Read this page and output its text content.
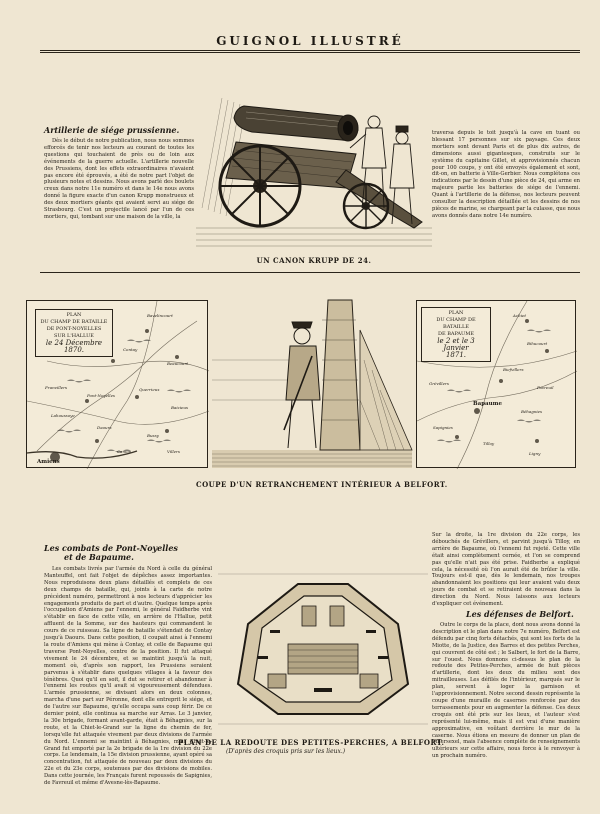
GUIGNOL ILLUSTRÉ
Artillerie de siége prussienne.

Dès le début de notre publication, nous nous sommes efforcés de tenir nos lecteurs au courant de toutes les questions qui touchaient de près ou de loin aux événements de la guerre actuelle. L'artillerie nouvelle des Prussiens, dont les effets extraordinaires n'avaient pas encore été éprouvés, a été de notre part l'objet de plusieurs notes et dessins. Nous avons parlé des boulets creux dans notre 11e numéro et dans le 14e nous avons donné la figure exacte d'un canon Krupp monstrueux et des deux mortiers géants qui avaient servi au siége de Strasbourg. C'est un projectile lancé par l'un de ces mortiers, qui, tombant sur une maison de la ville, la

traversa depuis le toit jusqu'à la cave en tuant ou blessant 17 personnes sur six paysage. Ces deux mortiers sont devant Paris et de plus dix autres, de dimensions aussi gigantesques, construits sur le système du capitaine Gillet, et approvisionnés chacun pour 100 coups, y ont été envoyés également et sont, dit-on, en batterie à Ville-Gerbier. Nous complétons ces indications par le dessin d'une pièce de 24, qui arme en majeure partie les batteries de siége de l'ennemi. Quant à l'artillerie de la défense, nos lecteurs peuvent consulter la description détaillée et les dessins de nos pièces de marine, se chargeant par la culasse, que nous avons donnés dans notre 14e numéro.

UN CANON KRUPP DE 24.
PLAN
DU CHAMP DE BATAILLE
DE PONT-NOYELLES
SUR L'HALLUE
le 24 Décembre 1870.
Bavelincourt
Contay
Beaucourt
Franvillers	Querrieux
Pont-Noyelles
Baizieux
Lahoussoye
Daours
Bussy
Villers
Camon
Amiens
COUPE D'UN RETRANCHEMENT INTÉRIEUR A BELFORT.
PLAN
DU CHAMP DE BATAILLE
DE BAPAUME
le 2 et le 3 Janvier
1871.
Achiet
Bihucourt
Biefvillers
Favreuil
Bapaume
Grévillers
Béhagnies
Sapignies
Tilloy
Ligny
Les combats de Pont-Noyelles
et de Bapaume.

Les combats livrés par l'armée du Nord à celle du général Manteuffel, ont fait l'objet de dépêches assez importantes. Nous reproduisons deux plans détaillés et complets de ces deux champs de bataille, qui, joints à la carte de notre précédent numéro, permettront à nos lecteurs d'apprécier les engagements produits de part et d'autre. Quelque temps après l'occupation d'Amiens par l'ennemi, le général Faidherbe vint s'établir en face de cette ville, en arrière de l'Hallue, petit affluent de la Somme, sur des hauteurs qui commandent le cours de ce ruisseau. Sa ligne de bataille s'étendait de Contay jusqu'à Daours. Dans cette position, il coupait ainsi à l'ennemi la route d'Amiens qui mène à Contay, et celle de Bapaume qui traverse Pont-Noyelles, centre de la position. Il fut attaqué vivement le 24 décembre, et se maintint jusqu'à la nuit, moment où, d'après son rapport, les Prussiens seraient parvenus à s'établir dans quelques villages à la faveur des ténèbres. Quoi qu'il en soit, il dut se retirer et abandonner à l'ennemi les routes qu'il avait si vigoureusement défendues. L'armée prussienne, se divisant alors en deux colonnes, marcha d'une part sur Péronne, dont elle entreprit le siége, et de l'autre sur Bapaume, qu'elle occupa sans coup férir. De ce dernier point, elle continua sa marche sur Arras. Le 3 janvier, la 30e brigade, formant avant-garde, était à Béhagnies, sur la route, et la Chiet-le-Grand sur la ligne du chemin de fer, lorsqu'elle fut attaquée vivement par deux divisions de l'armée du Nord. L'ennemi se maintint à Béhagnies, mais Chiet-le-Grand fut emporté par la 2e brigade de la 1re division du 22e corps. Le lendemain, la 15e division prussienne, ayant opéré sa concentration, fut attaquée de nouveau par deux divisions du 22e et du 23e corps, soutenues par des divisions de mobiles. Dans cette journée, les Français furent repoussés de Sapignies, de Favreuil et même d'Avesne-lès-Bapaume.

Sur la droite, la 1re division du 22e corps, les débouchés de Grévillers, et parvint jusqu'à Tilloy, en arrière de Bapaume, où l'ennemi fut rejeté. Cette ville était ainsi complètement cernée, et l'on se comprend pas qu'elle n'ait pas été prise. Faidherbe a expliqué cela, la nécessité où l'on aurait été de brûler la ville. Toujours est-il que, dès le lendemain, nos troupes abandonnaient les positions qui leur avaient valu deux jours de combat et se retiraient de nouveau dans la direction du Nord. Nous laissons aux lecteurs d'expliquer cet événement.

PLAN DE LA REDOUTE DES PETITES-PERCHES, A BELFORT.
(D'après des croquis pris sur les lieux.)
Les défenses de Belfort.

Outre le corps de la place, dont nous avons donné la description et le plan dans notre 7e numéro, Belfort est défendu par cinq forts détachés, qui sont les forts de la Miotte, de la Justice, des Barres et des petites Perches, qui couvrent de côté est ; le Salbert, le fort de la Barre, sur l'ouest. Nous donnons ci-dessus le plan de la redoute des Petites-Perches, armée de huit pièces d'artillerie, dont les deux du milieu sont des mitrailleuses. Les défilés de l'intérieur, marqués sur le plan, servent à loger la garnison et l'approvisionnement. Notre second dessin représente la coupe d'une muraille de casernes renforcée par des terrassements pour en augmenter la défense. Ces deux croquis ont été pris sur les lieux, et l'auteur s'est représenté lui-même, mais il est vrai d'une manière approximative, en voûtant derrière le mur de la caserne. Nous étions en mesure de donner un plan de Villersexel, mais l'absence complète de renseignements ultérieurs sur cette affaire, nous force à le renvoyer à un prochain numéro.
